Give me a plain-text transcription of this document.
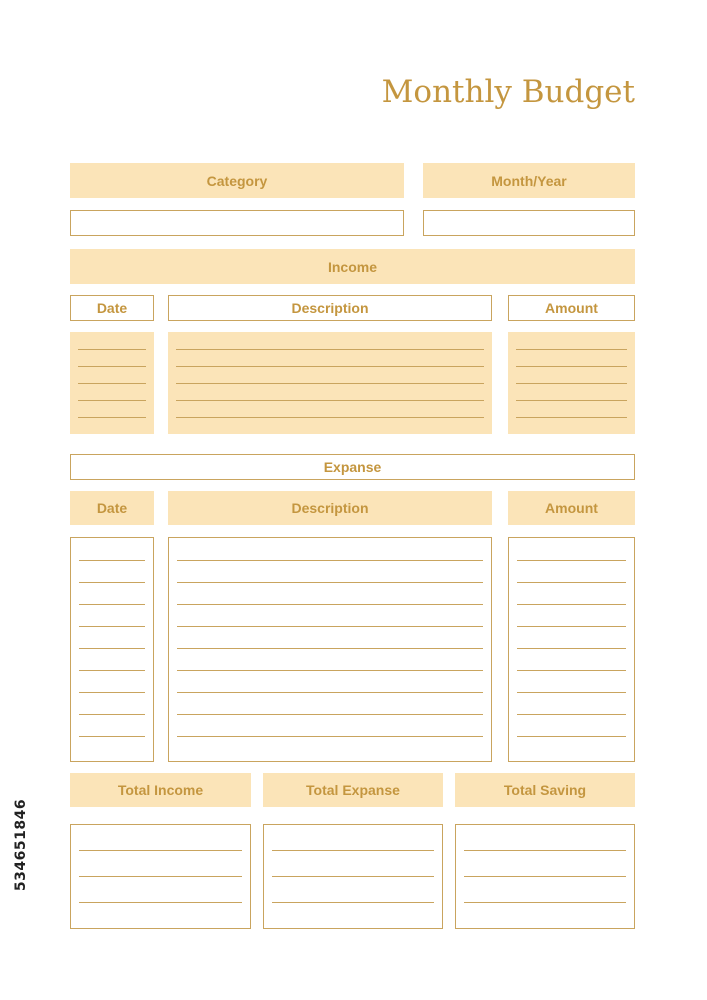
Monthly Budget
Category	Month/Year
Income
Date	Description	Amount
Expanse
Date	Description	Amount
Total Income	Total Expanse	Total Saving
534651846
